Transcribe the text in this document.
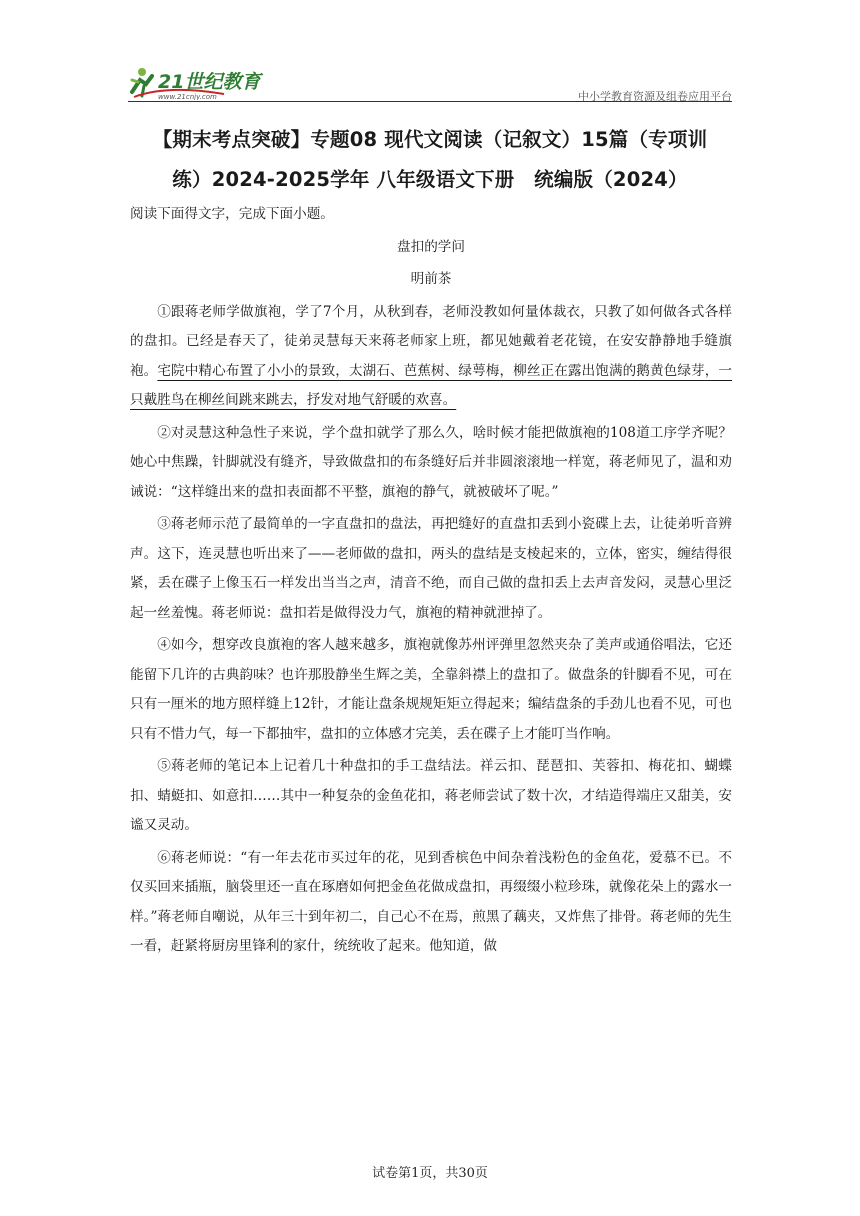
21世纪教育
www.21cnjy.com	中小学教育资源及组卷应用平台
【期末考点突破】专题08 现代文阅读（记叙文）15篇（专项训
练）2024-2025学年 八年级语文下册　统编版（2024）

阅读下面得文字，完成下面小题。

盘扣的学问

明前茶

①跟蒋老师学做旗袍，学了7个月，从秋到春，老师没教如何量体裁衣，只教了如何做各式各样的盘扣。已经是春天了，徒弟灵慧每天来蒋老师家上班，都见她戴着老花镜，在安安静静地手缝旗袍。宅院中精心布置了小小的景致，太湖石、芭蕉树、绿萼梅，柳丝正在露出饱满的鹅黄色绿芽，一只戴胜鸟在柳丝间跳来跳去，抒发对地气舒暖的欢喜。

②对灵慧这种急性子来说，学个盘扣就学了那么久，啥时候才能把做旗袍的108道工序学齐呢？她心中焦躁，针脚就没有缝齐，导致做盘扣的布条缝好后并非圆滚滚地一样宽，蒋老师见了，温和劝诫说：“这样缝出来的盘扣表面都不平整，旗袍的静气，就被破坏了呢。”

③蒋老师示范了最简单的一字直盘扣的盘法，再把缝好的直盘扣丢到小瓷碟上去，让徒弟听音辨声。这下，连灵慧也听出来了——老师做的盘扣，两头的盘结是支棱起来的，立体，密实，缠结得很紧，丢在碟子上像玉石一样发出当当之声，清音不绝，而自己做的盘扣丢上去声音发闷，灵慧心里泛起一丝羞愧。蒋老师说：盘扣若是做得没力气，旗袍的精神就泄掉了。

④如今，想穿改良旗袍的客人越来越多，旗袍就像苏州评弹里忽然夹杂了美声或通俗唱法，它还能留下几许的古典韵味？也许那股静坐生辉之美，全靠斜襟上的盘扣了。做盘条的针脚看不见，可在只有一厘米的地方照样缝上12针，才能让盘条规规矩矩立得起来；编结盘条的手劲儿也看不见，可也只有不惜力气，每一下都抽牢，盘扣的立体感才完美，丢在碟子上才能叮当作响。

⑤蒋老师的笔记本上记着几十种盘扣的手工盘结法。祥云扣、琵琶扣、芙蓉扣、梅花扣、蝴蝶扣、蜻蜓扣、如意扣……其中一种复杂的金鱼花扣，蒋老师尝试了数十次，才结造得端庄又甜美，安谧又灵动。

⑥蒋老师说：“有一年去花市买过年的花，见到香槟色中间杂着浅粉色的金鱼花，爱慕不已。不仅买回来插瓶，脑袋里还一直在琢磨如何把金鱼花做成盘扣，再缀缀小粒珍珠，就像花朵上的露水一样。”蒋老师自嘲说，从年三十到年初二，自己心不在焉，煎黑了藕夹，又炸焦了排骨。蒋老师的先生一看，赶紧将厨房里锋利的家什，统统收了起来。他知道，做

试卷第1页，共30页
